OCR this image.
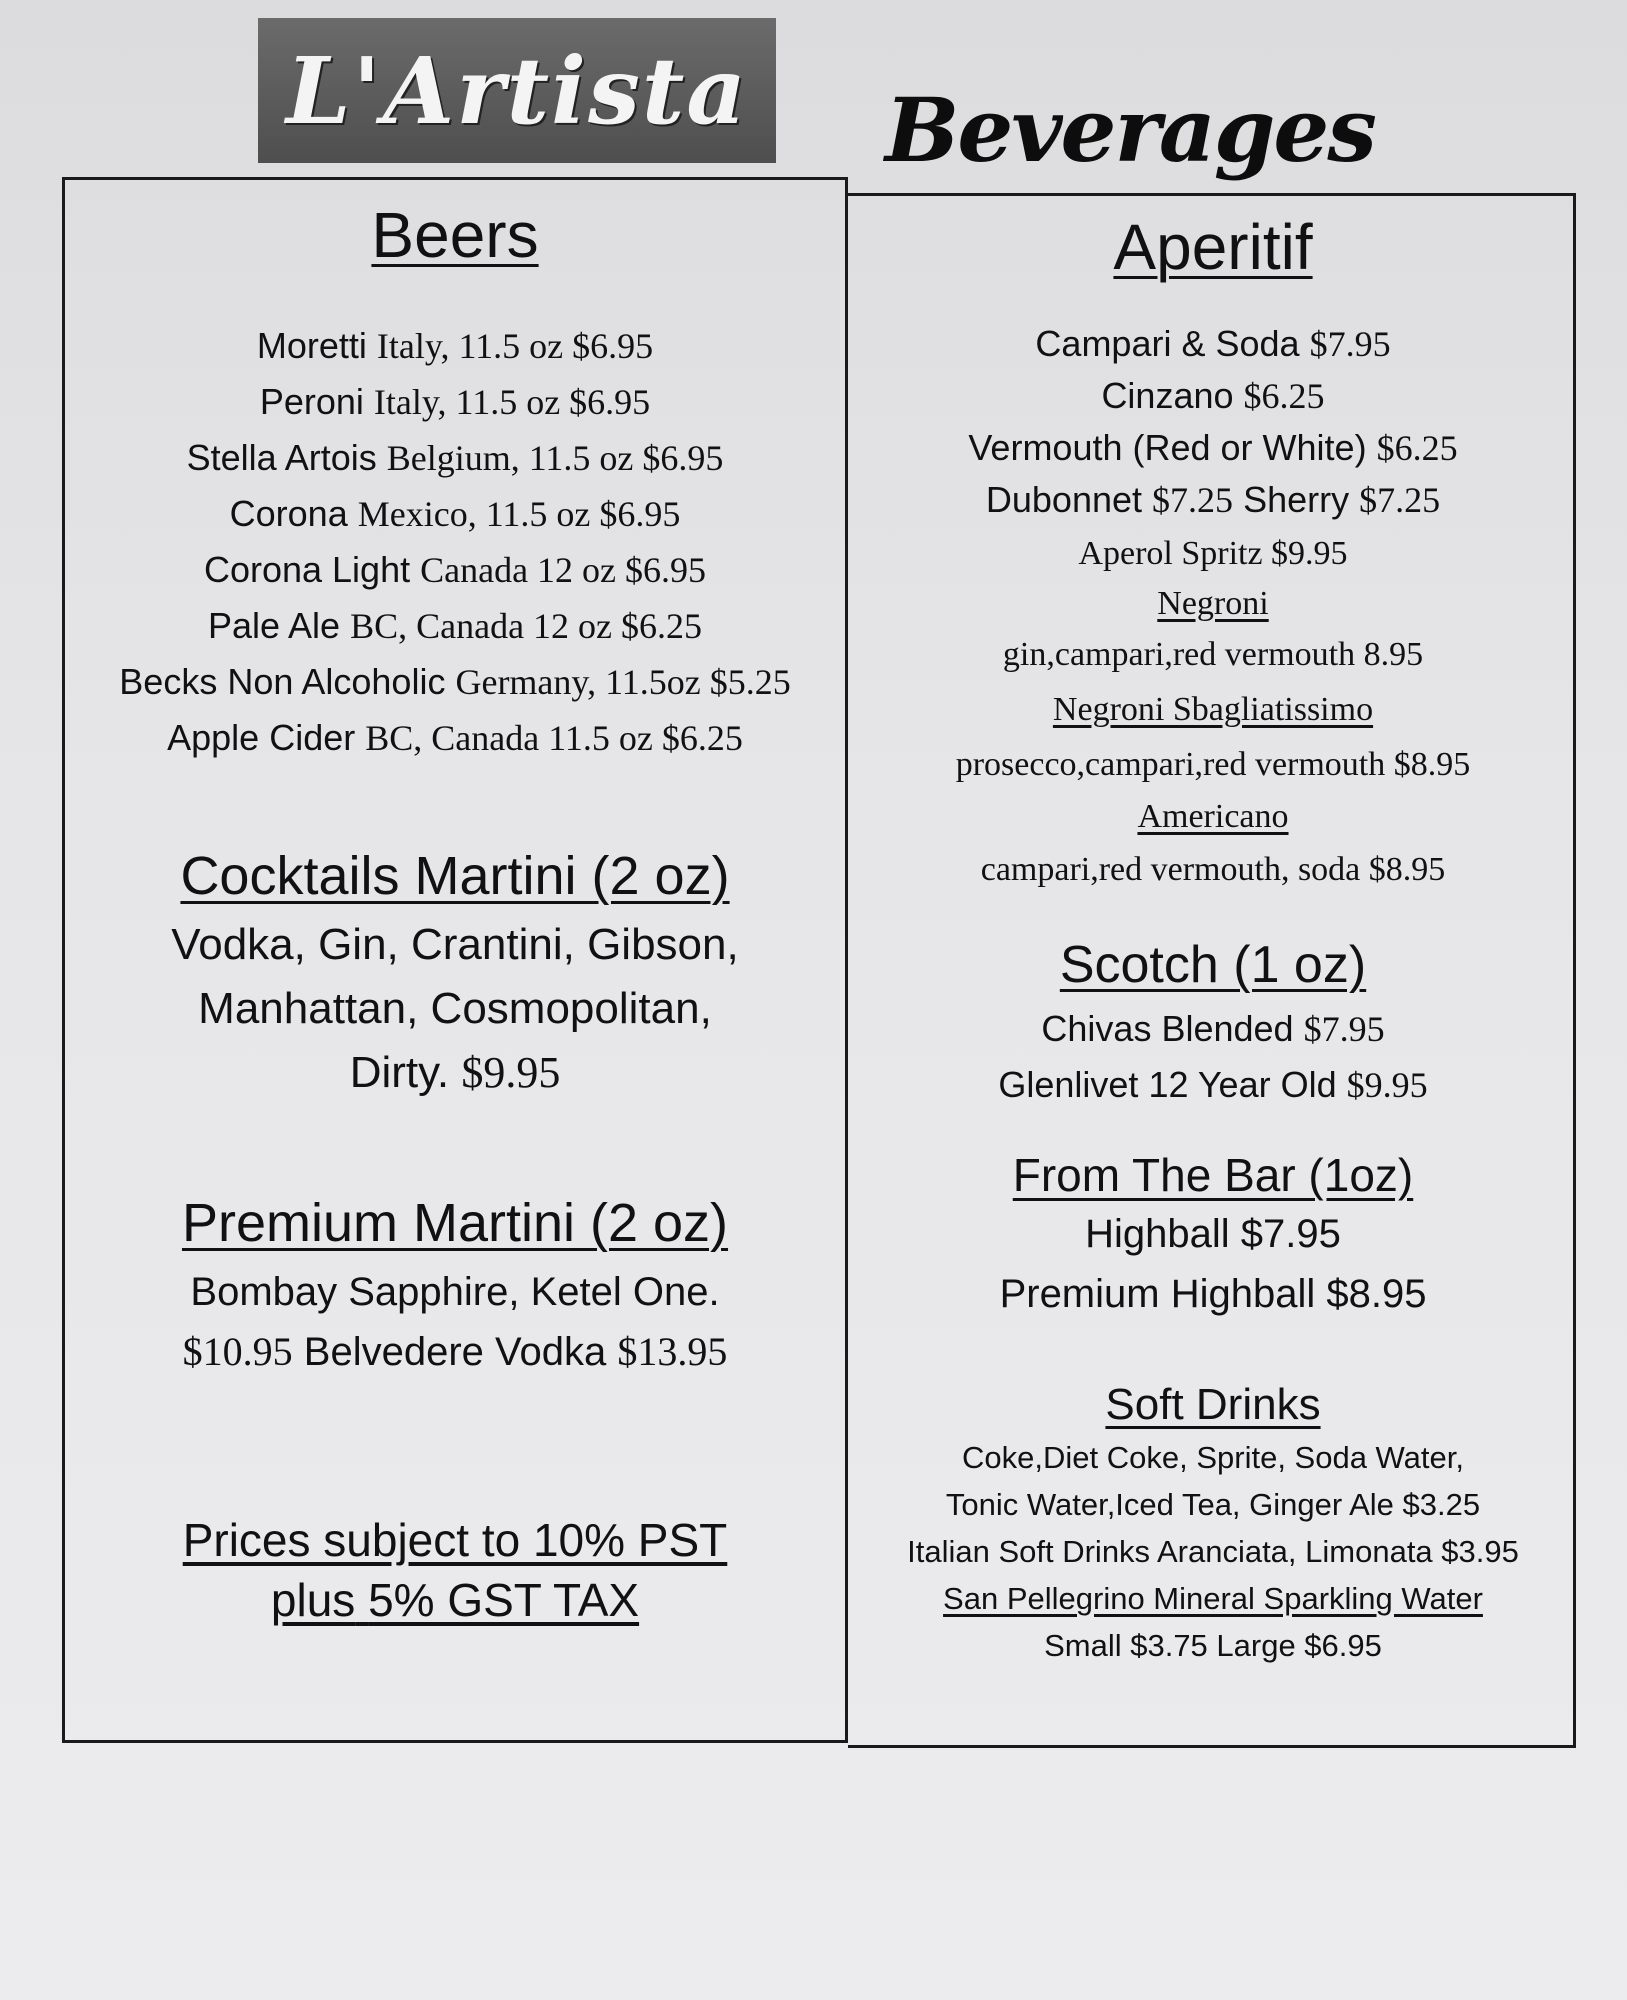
L'Artista Beverages
Beers
Moretti Italy, 11.5 oz $6.95
Peroni Italy, 11.5 oz $6.95
Stella Artois Belgium, 11.5 oz $6.95
Corona Mexico, 11.5 oz $6.95
Corona Light Canada 12 oz $6.95
Pale Ale BC, Canada 12 oz $6.25
Becks Non Alcoholic Germany, 11.5oz $5.25
Apple Cider BC, Canada 11.5 oz $6.25
Cocktails Martini (2 oz)
Vodka, Gin, Crantini, Gibson,
Manhattan, Cosmopolitan,
Dirty. $9.95
Premium Martini (2 oz)
Bombay Sapphire, Ketel One.
$10.95 Belvedere Vodka $13.95
Prices subject to 10% PST
plus 5% GST TAX
Aperitif
Campari & Soda $7.95
Cinzano $6.25
Vermouth (Red or White) $6.25
Dubonnet $7.25 Sherry $7.25
Aperol Spritz $9.95
Negroni
gin,campari,red vermouth 8.95
Negroni Sbagliatissimo
prosecco,campari,red vermouth $8.95
Americano
campari,red vermouth, soda $8.95
Scotch (1 oz)
Chivas Blended $7.95
Glenlivet 12 Year Old $9.95
From The Bar (1oz)
Highball $7.95
Premium Highball $8.95
Soft Drinks
Coke,Diet Coke, Sprite, Soda Water,
Tonic Water,Iced Tea, Ginger Ale $3.25
Italian Soft Drinks Aranciata, Limonata $3.95
San Pellegrino Mineral Sparkling Water
Small $3.75 Large $6.95
